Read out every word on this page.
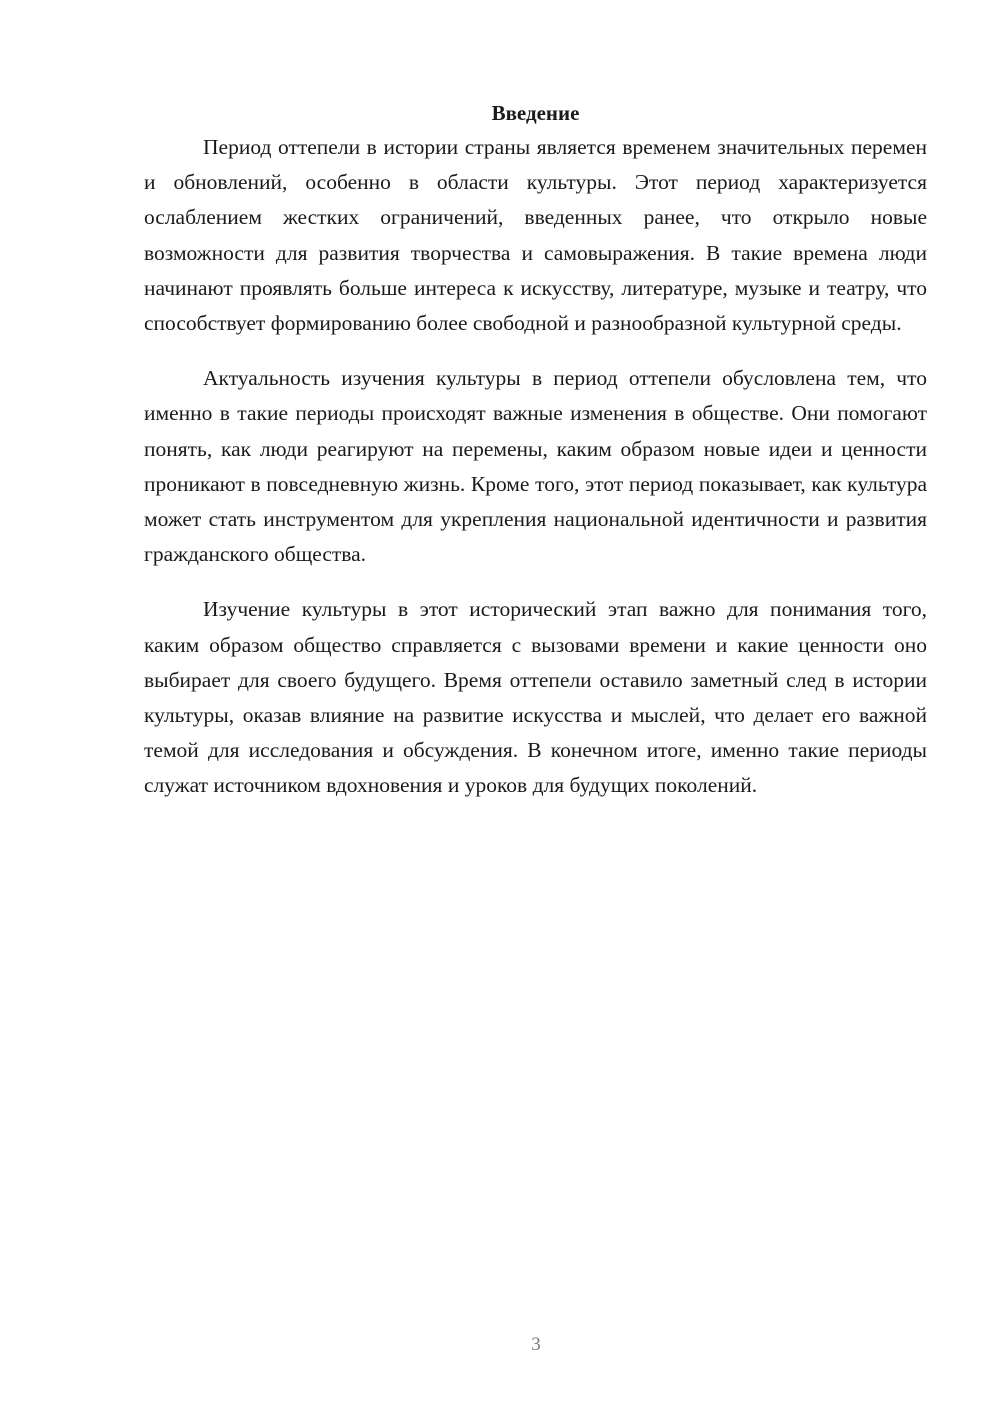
Введение

Период оттепели в истории страны является временем значительных перемен и обновлений, особенно в области культуры. Этот период характеризуется ослаблением жестких ограничений, введенных ранее, что открыло новые возможности для развития творчества и самовыражения. В такие времена люди начинают проявлять больше интереса к искусству, литературе, музыке и театру, что способствует формированию более свободной и разнообразной культурной среды.

Актуальность изучения культуры в период оттепели обусловлена тем, что именно в такие периоды происходят важные изменения в обществе. Они помогают понять, как люди реагируют на перемены, каким образом новые идеи и ценности проникают в повседневную жизнь. Кроме того, этот период показывает, как культура может стать инструментом для укрепления национальной идентичности и развития гражданского общества.

Изучение культуры в этот исторический этап важно для понимания того, каким образом общество справляется с вызовами времени и какие ценности оно выбирает для своего будущего. Время оттепели оставило заметный след в истории культуры, оказав влияние на развитие искусства и мыслей, что делает его важной темой для исследования и обсуждения. В конечном итоге, именно такие периоды служат источником вдохновения и уроков для будущих поколений.

3
